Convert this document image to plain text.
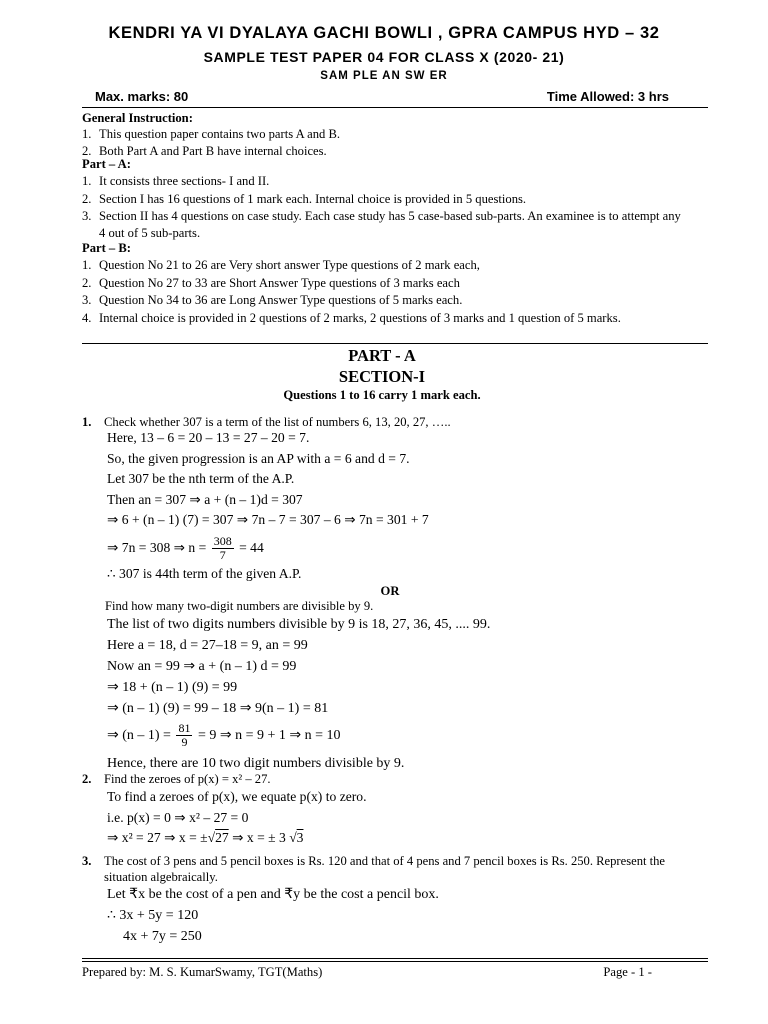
KENDRI YA VI DYALAYA GACHI BOWLI , GPRA CAMPUS HYD – 32
SAMPLE TEST PAPER 04 FOR CLASS X (2020- 21)
SAM PLE AN SW ER
Max. marks: 80	Time Allowed: 3 hrs
General Instruction:
1. This question paper contains two parts A and B.
2. Both Part A and Part B have internal choices.
Part – A:
1. It consists three sections- I and II.
2. Section I has 16 questions of 1 mark each. Internal choice is provided in 5 questions.
3. Section II has 4 questions on case study. Each case study has 5 case-based sub-parts. An examinee is to attempt any 4 out of 5 sub-parts.
Part – B:
1. Question No 21 to 26 are Very short answer Type questions of 2 mark each,
2. Question No 27 to 33 are Short Answer Type questions of 3 marks each
3. Question No 34 to 36 are Long Answer Type questions of 5 marks each.
4. Internal choice is provided in 2 questions of 2 marks, 2 questions of 3 marks and 1 question of 5 marks.
PART - A
SECTION-I
Questions 1 to 16 carry 1 mark each.
1. Check whether 307 is a term of the list of numbers 6, 13, 20, 27, …..
Here, 13 – 6 = 20 – 13 = 27 – 20 = 7.
So, the given progression is an AP with a = 6 and d = 7.
Let 307 be the nth term of the A.P.
Then an = 307 ⇒ a + (n – 1)d = 307
⇒ 6 + (n – 1) (7) = 307 ⇒ 7n – 7 = 307 – 6 ⇒ 7n = 301 + 7
⇒ 7n = 308 ⇒ $n = \frac{308}{7} = 44$
∴ 307 is 44th term of the given A.P.
OR
Find how many two-digit numbers are divisible by 9.
The list of two digits numbers divisible by 9 is 18, 27, 36, 45, .... 99.
Here a = 18, d = 27–18 = 9, an = 99
Now an = 99 ⇒ a + (n – 1) d = 99
⇒ 18 + (n – 1) (9) = 99
⇒ (n – 1) (9) = 99 – 18 ⇒ 9(n – 1) = 81
⇒ $(n - 1) = \frac{81}{9} = 9$ ⇒ n = 9 + 1 ⇒ n = 10
Hence, there are 10 two digit numbers divisible by 9.
2. Find the zeroes of p(x) = x² – 27.
To find a zeroes of p(x), we equate p(x) to zero.
i.e. p(x) = 0 ⇒ x² – 27 = 0
⇒ x² = 27 ⇒ x = ±√27 ⇒ x = ± 3 √3
3. The cost of 3 pens and 5 pencil boxes is Rs. 120 and that of 4 pens and 7 pencil boxes is Rs. 250. Represent the situation algebraically.
Let ₹x be the cost of a pen and ₹y be the cost a pencil box.
∴ 3x + 5y = 120
4x + 7y = 250
Prepared by: M. S. KumarSwamy, TGT(Maths)	Page - 1 -
